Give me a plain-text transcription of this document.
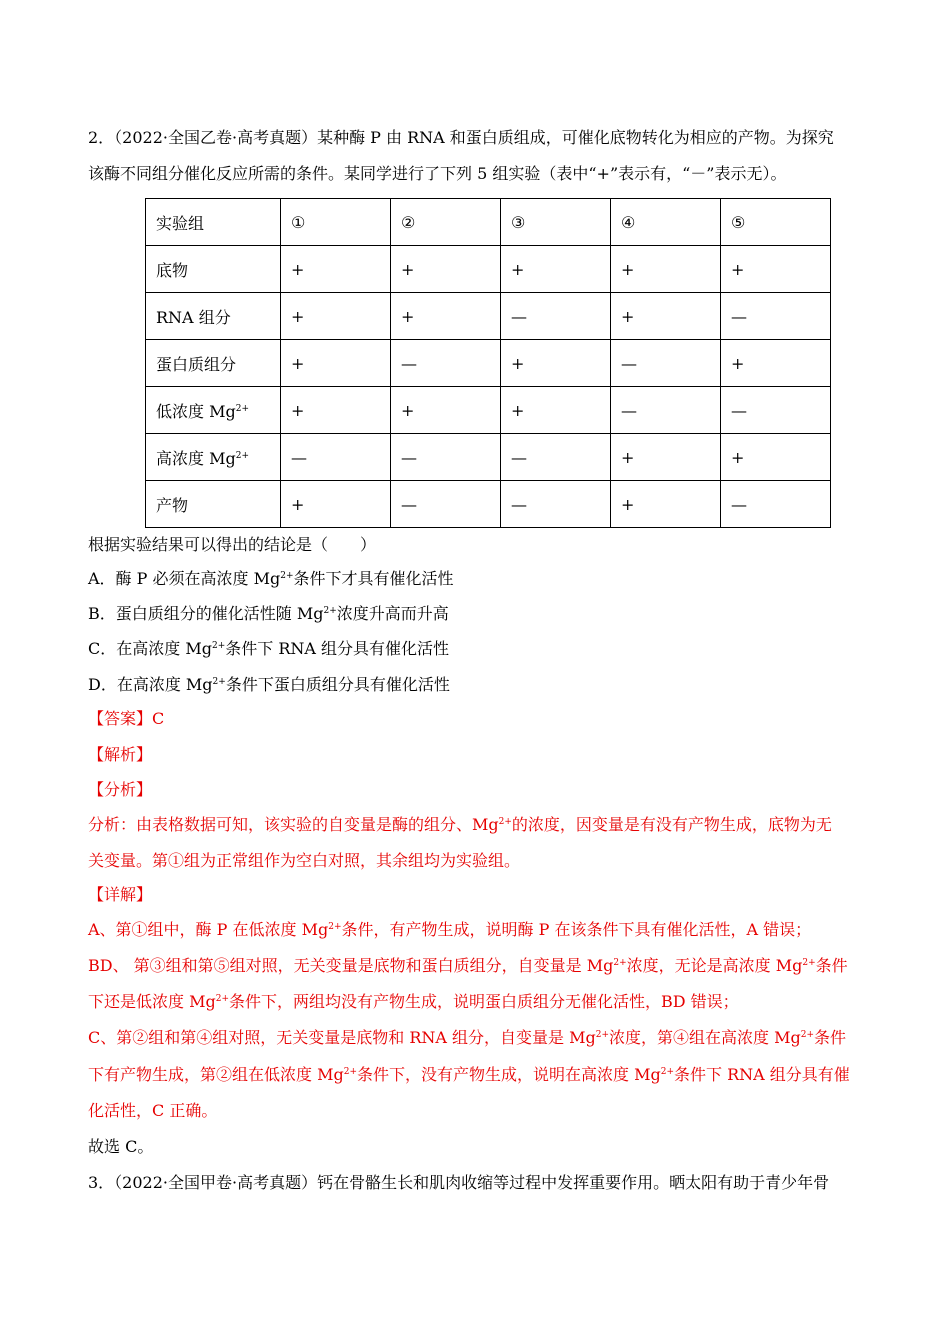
2．（2022·全国乙卷·高考真题）某种酶 P 由 RNA 和蛋白质组成，可催化底物转化为相应的产物。为探究
该酶不同组分催化反应所需的条件。某同学进行了下列 5 组实验（表中“+”表示有，“－”表示无）。
实验组	①	②	③	④	⑤
底物	+	+	+	+	+
RNA 组分	+	+	—	+	—
蛋白质组分	+	—	+	—	+
低浓度 $Mg^{2+}$	+	+	+	—	—
高浓度 $Mg^{2+}$	—	—	—	+	+
产物	+	—	—	+	—
根据实验结果可以得出的结论是（　　）
A．酶 P 必须在高浓度 $Mg^{2+}$条件下才具有催化活性
B．蛋白质组分的催化活性随 $Mg^{2+}$浓度升高而升高
C．在高浓度 $Mg^{2+}$条件下 RNA 组分具有催化活性
D．在高浓度 $Mg^{2+}$条件下蛋白质组分具有催化活性
【答案】C
【解析】
【分析】
分析：由表格数据可知，该实验的自变量是酶的组分、$Mg^{2+}$的浓度，因变量是有没有产物生成，底物为无
关变量。第①组为正常组作为空白对照，其余组均为实验组。
【详解】
A、第①组中，酶 P 在低浓度 $Mg^{2+}$条件，有产物生成，说明酶 P 在该条件下具有催化活性，A 错误；
BD、 第③组和第⑤组对照，无关变量是底物和蛋白质组分，自变量是 $Mg^{2+}$浓度，无论是高浓度 $Mg^{2+}$条件
下还是低浓度 $Mg^{2+}$条件下，两组均没有产物生成，说明蛋白质组分无催化活性，BD 错误；
C、第②组和第④组对照，无关变量是底物和 RNA 组分，自变量是 $Mg^{2+}$浓度，第④组在高浓度 $Mg^{2+}$条件
下有产物生成，第②组在低浓度 $Mg^{2+}$条件下，没有产物生成，说明在高浓度 $Mg^{2+}$条件下 RNA 组分具有催
化活性，C 正确。
故选 C。
3．（2022·全国甲卷·高考真题）钙在骨骼生长和肌肉收缩等过程中发挥重要作用。晒太阳有助于青少年骨
